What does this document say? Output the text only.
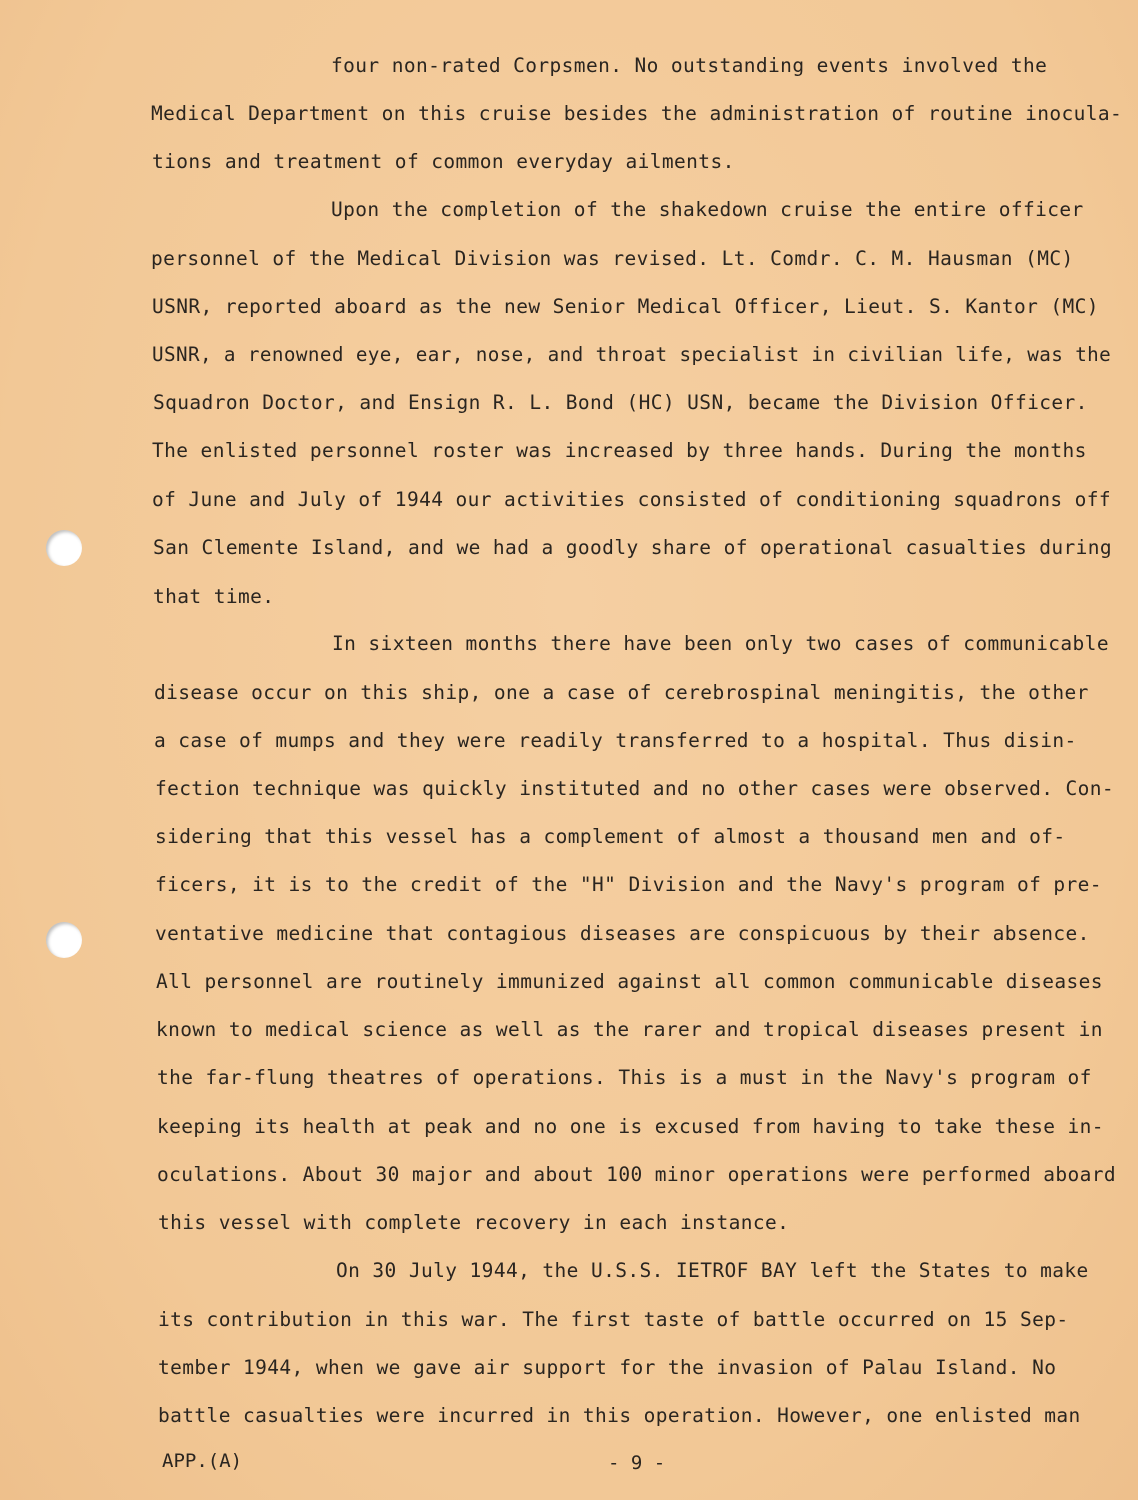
four non-rated Corpsmen. No outstanding events involved the
Medical Department on this cruise besides the administration of routine inocula-
tions and treatment of common everyday ailments.
Upon the completion of the shakedown cruise the entire officer
personnel of the Medical Division was revised. Lt. Comdr. C. M. Hausman (MC)
USNR, reported aboard as the new Senior Medical Officer, Lieut. S. Kantor (MC)
USNR, a renowned eye, ear, nose, and throat specialist in civilian life, was the
Squadron Doctor, and Ensign R. L. Bond (HC) USN, became the Division Officer.
The enlisted personnel roster was increased by three hands. During the months
of June and July of 1944 our activities consisted of conditioning squadrons off
San Clemente Island, and we had a goodly share of operational casualties during
that time.
In sixteen months there have been only two cases of communicable
disease occur on this ship, one a case of cerebrospinal meningitis, the other
a case of mumps and they were readily transferred to a hospital. Thus disin-
fection technique was quickly instituted and no other cases were observed. Con-
sidering that this vessel has a complement of almost a thousand men and of-
ficers, it is to the credit of the "H" Division and the Navy's program of pre-
ventative medicine that contagious diseases are conspicuous by their absence.
All personnel are routinely immunized against all common communicable diseases
known to medical science as well as the rarer and tropical diseases present in
the far-flung theatres of operations. This is a must in the Navy's program of
keeping its health at peak and no one is excused from having to take these in-
oculations. About 30 major and about 100 minor operations were performed aboard
this vessel with complete recovery in each instance.
On 30 July 1944, the U.S.S. IETROF BAY left the States to make
its contribution in this war. The first taste of battle occurred on 15 Sep-
tember 1944, when we gave air support for the invasion of Palau Island. No
battle casualties were incurred in this operation. However, one enlisted man
APP.(A)	- 9 -
